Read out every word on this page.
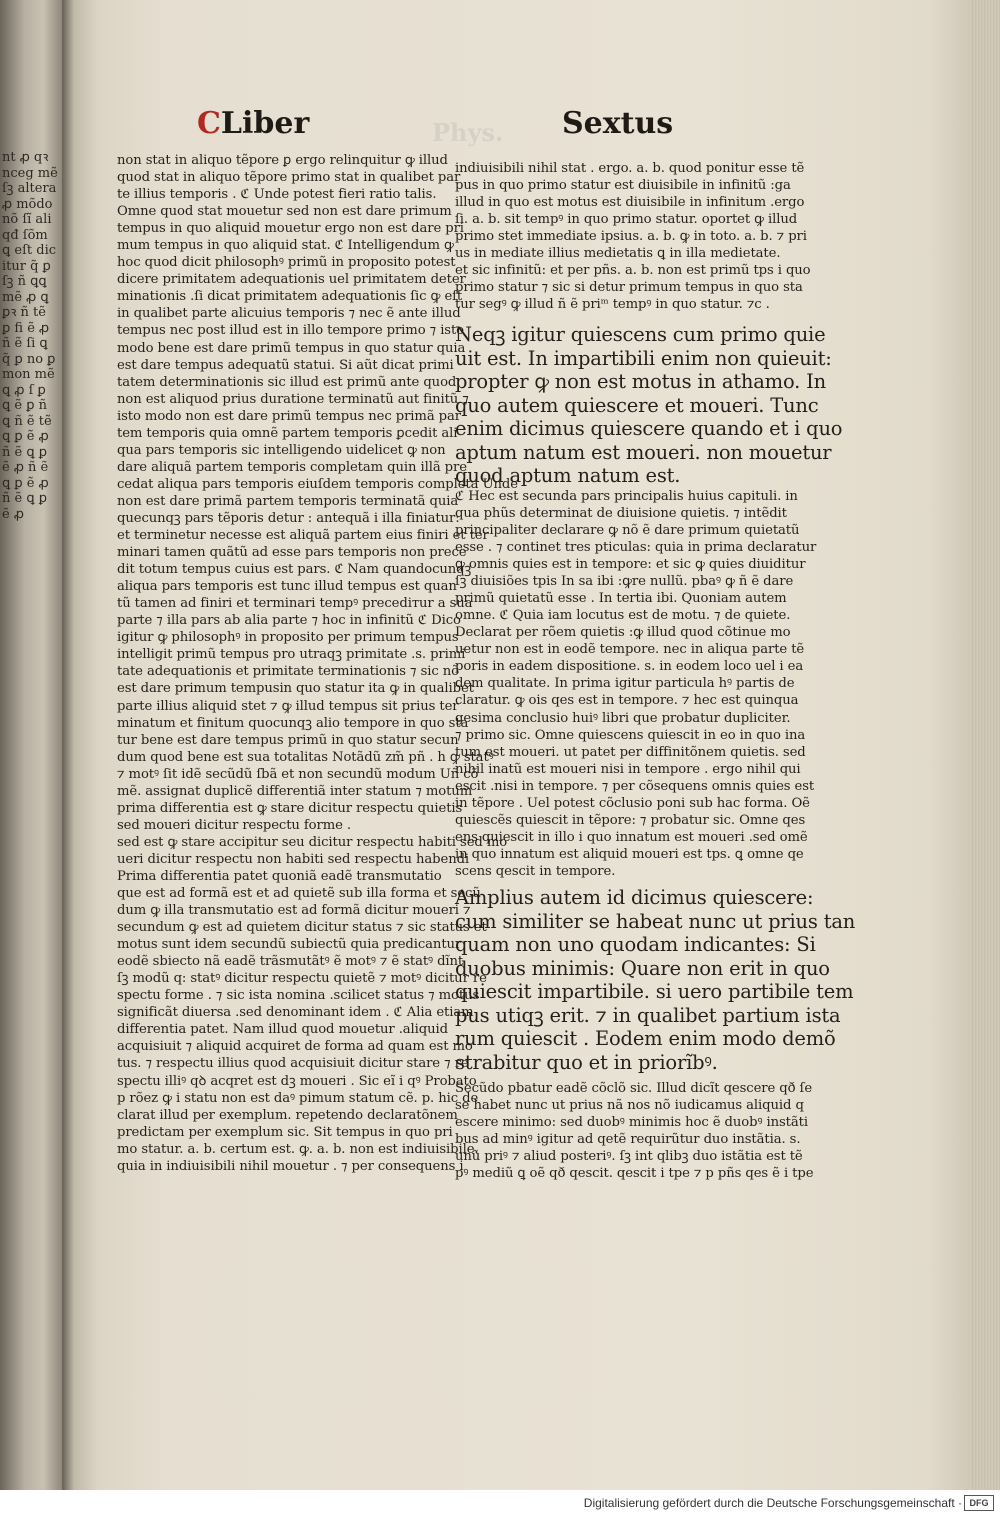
nt ꝓ qꝛ nceg mẽ ſꝫ altera ꝓ mõdo nõ ſĩ aliqđ ſõm ꝗ eſt dicitur q̃ ꝑ ſꝫ ñ ꝗꝗ mẽ ꝓ ꝗ ꝑꝛ ñ tẽ ꝑ fi ẽ ꝓ ñ ẽ ſi ꝗ q̃ ꝑ no ꝑ mon mẽ ꝗ ꝓ ſ ꝑ ꝗ ẽ ꝑ ñ ꝗ ñ ẽ tẽ ꝗ ꝑ ẽ ꝓ ñ ẽ ꝗ ꝑ ẽ ꝓ ñ ẽ ꝗ ꝑ ẽ ꝓ ñ ẽ ꝗ ꝑ ẽ ꝓ
CLiber	Phys. Sextus
non stat in aliquo tẽpore ꝑ ergo relinquitur ꝙ illud
quod stat in aliquo tẽpore primo stat in qualibet par
te illius temporis . ℭ Unde potest fieri ratio talis.
Omne quod stat mouetur sed non est dare primum
tempus in quo aliquid mouetur ergo non est dare pri
mum tempus in quo aliquid stat. ℭ Intelligendum ꝙ
hoc quod dicit philosophꝰ primũ in proposito potest
dicere primitatem adequationis uel primitatem deter
minationis .ſi dicat primitatem adequationis ſic ꝙ eſt
in qualibet parte alicuius temporis ⁊ nec ẽ ante illud
tempus nec post illud est in illo tempore primo ⁊ isto
modo bene est dare primũ tempus in quo statur quia
est dare tempus adequatũ statui. Si aũt dicat primi
tatem determinationis sic illud est primũ ante quod
non est aliquod prius duratione terminatũ aut finitũ ⁊
isto modo non est dare primũ tempus nec primã par
tem temporis quia omnẽ partem temporis ꝑcedit ali
qua pars temporis sic intelligendo uidelicet ꝙ non
dare aliquã partem temporis completam quin illã pre
cedat aliqua pars temporis eiuſdem temporis completa Unde
non est dare primã partem temporis terminatã quia
quecunqꝫ pars tẽporis detur : antequã i illa finiatur:
et terminetur necesse est aliquã partem eius finiri et ter
minari tamen quãtũ ad esse pars temporis non prece
dit totum tempus cuius est pars. ℭ Nam quandocunqꝫ
aliqua pars temporis est tunc illud tempus est quan
tũ tamen ad finiri et terminari tempꝰ precediтur a sua
parte ⁊ illa pars ab alia parte ⁊ hoc in infinitũ ℭ Dico
igitur ꝙ philosophꝰ in proposito per primum tempus
intelligit primũ tempus pro utraqꝫ primitate .s. primi
tate adequationis et primitate terminationis ⁊ sic nõ
est dare primum tempusin quo statur ita ꝙ in qualibet
parte illius aliquid stet ⁊ ꝙ illud tempus sit prius ter
minatum et finitum quocunqꝫ alio tempore in quo sta
tur bene est dare tempus primũ in quo statur secun
dum quod bene est sua totalitas Notãdũ zm̃ pñ . h ꝙ statꝰ
⁊ motꝰ ſit idẽ secũdũ ſbã et non secundũ modum Uñ cõ
mẽ. assignat duplicẽ differentiã inter statum ⁊ motum
prima differentia est ꝙ stare dicitur respectu quietis
sed moueri dicitur respectu forme .
sed est ꝙ stare accipitur seu dicitur respectu habiti sed mo
ueri dicitur respectu non habiti sed respectu habendi
Prima differentia patet quoniã eadẽ transmutatio
que est ad formã est et ad quietẽ sub illa forma et secũ
dum ꝙ illa transmutatio est ad formã dicitur moueri ⁊
secundum ꝙ est ad quietem dicitur status ⁊ sic status et
motus sunt idem secundũ subiectũ quia predicantur
eodẽ sbiecto nã eadẽ trãsmutãtꝰ ẽ motꝰ ⁊ ẽ statꝰ dĩnt
ſꝫ modũ q: statꝰ dicitur respectu quietẽ ⁊ motꝰ dicitur re
spectu forme . ⁊ sic ista nomina .scilicet status ⁊ motus
significãt diuersa .sed denominant idem . ℭ Alia etiam
differentia patet. Nam illud quod mouetur .aliquid
acquisiuit ⁊ aliquid acquiret de forma ad quam est mo
tus. ⁊ respectu illius quod acquisiuit dicitur stare ⁊ re
spectu illiꝰ qꝺ acqret est dꝫ moueri . Sic eĩ i qꝰ Probato
p rõez ꝙ i statu non est daꝰ pimum statum cẽ. p. hic de
clarat illud per exemplum. repetendo declaratõnem
predictam per exemplum sic. Sit tempus in quo pri
mo statur. a. b. certum est. ꝙ. a. b. non est indiuisibile.
quia in indiuisibili nihil mouetur . ⁊ per consequens i
indiuisibili nihil stat . ergo. a. b. quod ponitur esse tẽ
pus in quo primo statur est diuisibile in infinitũ :ga
illud in quo est motus est diuisibile in infinitum .ergo
ſi. a. b. sit tempꝰ in quo primo statur. oportet ꝙ illud
primo stet immediate ipsius. a. b. ꝙ in toto. a. b. ⁊ pri
us in mediate illius medietatis ꝗ in illa medietate.
et sic infinitũ: et per pñs. a. b. non est primũ tps i quo
primo statur ⁊ sic si detur primum tempus in quo sta
tur segꝰ ꝙ illud ñ ẽ priᵐ tempꝰ in quo statur. ⁊c .
Neqꝫ igitur quiescens cum primo quie
uit est. In impartibili enim non quieuit:
propter ꝙ non est motus in athamo. In
quo autem quiescere et moueri. Tunc
enim dicimus quiescere quando et i quo
aptum natum est moueri. non mouetur
quod aptum natum est.
ℭ Hec est secunda pars principalis huius capituli. in
qua phũs determinat de diuisione quietis. ⁊ intẽdit
principaliter declarare ꝙ nõ ẽ dare primum quietatũ
esse . ⁊ continet tres pticulas: quia in prima declaratur
ꝙ omnis quies est in tempore: et sic ꝙ quies diuiditur
ſꝫ diuisiões tpis In sa ibi :ꝙre nullũ. pbaꝰ ꝙ ñ ẽ dare
primũ quietatũ esse . In tertia ibi. Quoniam autem
omne. ℭ Quia iam locutus est de motu. ⁊ de quiete.
Declarat per rõem quietis :ꝙ illud quod cõtinue mo
uetur non est in eodẽ tempore. nec in aliqua parte tẽ
poris in eadem dispositione. s. in eodem loco uel i ea
dem qualitate. In prima igitur particula hꝰ partis de
claratur. ꝙ ois qes est in tempore. ⁊ hec est quinqua
gesima conclusio huiꝰ libri que probatur dupliciter.
⁊ primo sic. Omne quiescens quiescit in eo in quo ina
tum est moueri. ut patet per diffinitõnem quietis. sed
nihil inatũ est moueri nisi in tempore . ergo nihil qui
escit .nisi in tempore. ⁊ per cõsequens omnis quies est
in tẽpore . Uel potest cõclusio poni sub hac forma. Oẽ
quiescẽs quiescit in tẽpore: ⁊ probatur sic. Omne qes
ens quiescit in illo i quo innatum est moueri .sed omẽ
in quo innatum est aliquid moueri est tps. ꝗ omne qe
scens qescit in tempore.
Amplius autem id dicimus quiescere:
cum similiter se habeat nunc ut prius tan
quam non uno quodam indicantes: Si
duobus minimis: Quare non erit in quo
quiescit impartibile. si uero partibile tem
pus utiqꝫ erit. ⁊ in qualibet partium ista
rum quiescit . Eodem enim modo demõ
strabitur quo et in priorĩbꝰ.
Secũdo pbatur eadẽ cõclõ sic. Illud dicĩt qescere qð ſe
se habet nunc ut prius nã nos nõ iudicamus aliquid q
escere minimo: sed duobꝰ minimis hoc ẽ duobꝰ instãti
bus ad minꝰ igitur ad qetẽ requirũtur duo instãtia. s.
unũ priꝰ ⁊ aliud posteriꝰ. ſꝫ int qlibꝫ duo istãtia est tẽ
pꝰ mediũ ꝗ oẽ qð qescit. qescit i tpe ⁊ p pñs qes ẽ i tpe
Digitalisierung gefördert durch die Deutsche Forschungsgemeinschaft · DFG
